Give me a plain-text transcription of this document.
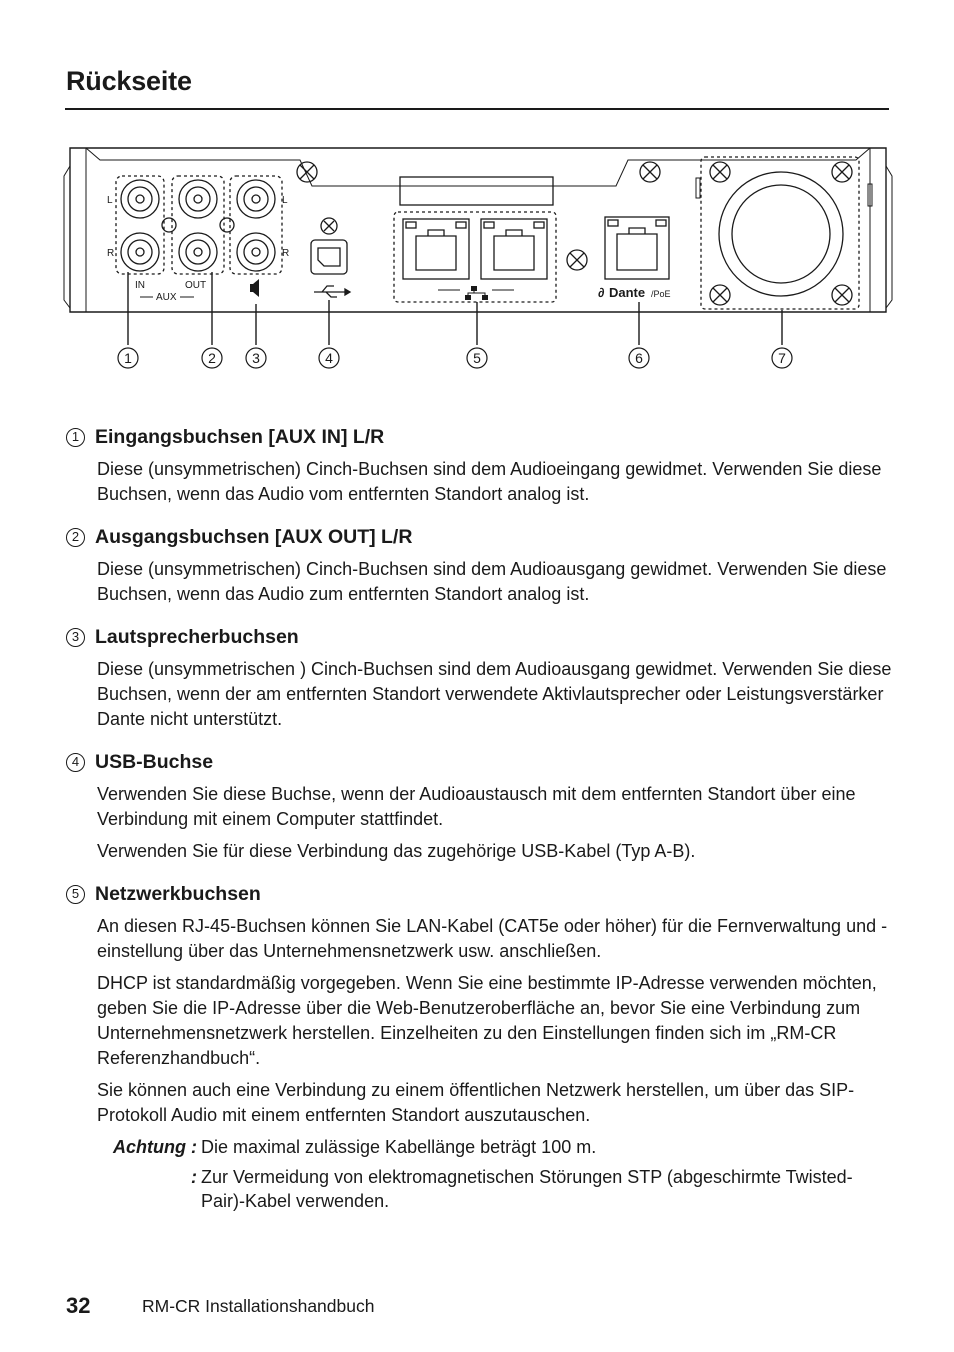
Rückseite
L
R
L
R
IN	OUT
AUX	∂ Dante /PoE
1	2	3	4	5	6	7
1 Eingangsbuchsen [AUX IN] L/R

Diese (unsymmetrischen) Cinch-Buchsen sind dem Audioeingang gewidmet. Verwenden Sie diese Buchsen, wenn das Audio vom entfernten Standort analog ist.

2 Ausgangsbuchsen [AUX OUT] L/R

Diese (unsymmetrischen) Cinch-Buchsen sind dem Audioausgang gewidmet. Verwenden Sie diese Buchsen, wenn das Audio zum entfernten Standort analog ist.

3 Lautsprecherbuchsen

Diese (unsymmetrischen ) Cinch-Buchsen sind dem Audioausgang gewidmet. Verwenden Sie diese Buchsen, wenn der am entfernten Standort verwendete Aktivlautsprecher oder Leistungsverstärker Dante nicht unterstützt.

4 USB-Buchse

Verwenden Sie diese Buchse, wenn der Audioaustausch mit dem entfernten Standort über eine Verbindung mit einem Computer stattfindet.

Verwenden Sie für diese Verbindung das zugehörige USB-Kabel (Typ A-B).

5 Netzwerkbuchsen

An diesen RJ-45-Buchsen können Sie LAN-Kabel (CAT5e oder höher) für die Fernverwaltung und -einstellung über das Unternehmensnetzwerk usw. anschließen.

DHCP ist standardmäßig vorgegeben. Wenn Sie eine bestimmte IP-Adresse verwenden möchten, geben Sie die IP-Adresse über die Web-Benutzeroberfläche an, bevor Sie eine Verbindung zum Unternehmensnetzwerk herstellen. Einzelheiten zu den Einstellungen finden sich im „RM-CR Referenzhandbuch“.

Sie können auch eine Verbindung zu einem öffentlichen Netzwerk herstellen, um über das SIP-Protokoll Audio mit einem entfernten Standort auszutauschen.

Achtung : Die maximal zulässige Kabellänge beträgt 100 m.
: Zur Vermeidung von elektromagnetischen Störungen STP (abgeschirmte Twisted-Pair)-Kabel verwenden.
32	RM-CR Installationshandbuch
